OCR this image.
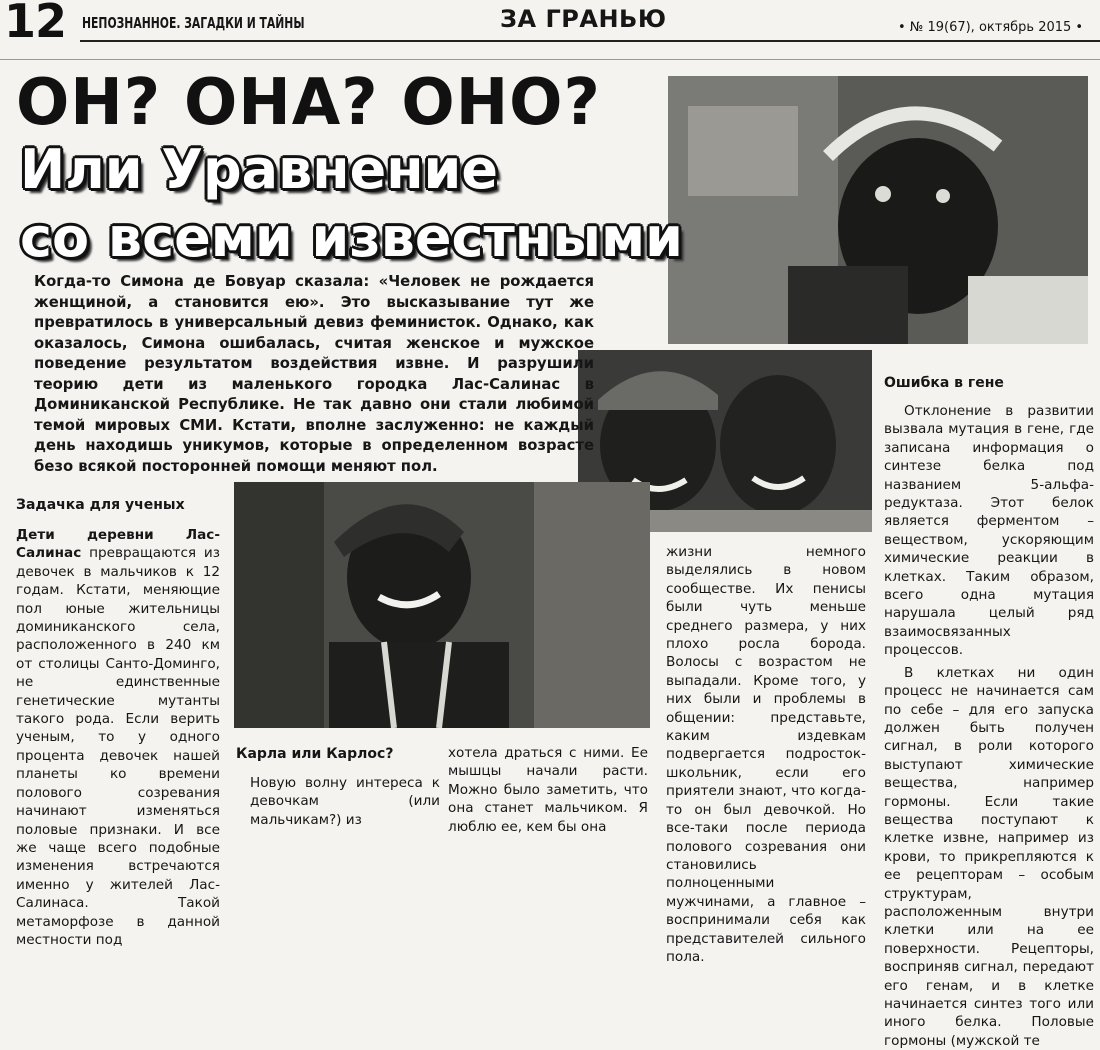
12 НЕПОЗНАННОЕ. ЗАГАДКИ И ТАЙНЫ	ЗА ГРАНЬЮ	• № 19(67), октябрь 2015 •
ОН? ОНА? ОНО?
Или Уравнение
со всеми известными
Когда-то Симона де Бовуар сказала: «Человек не рождается женщиной, а становится ею». Это высказывание тут же превратилось в универсальный девиз феминисток. Однако, как оказалось, Симона ошибалась, считая женское и мужское поведение результатом воздействия извне. И разрушили теорию дети из маленького городка Лас-Салинас в Доминиканской Республике. Не так давно они стали любимой темой мировых СМИ. Кстати, вполне заслуженно: не каждый день находишь уникумов, которые в определенном возрасте безо всякой посторонней помощи меняют пол.
Задачка для ученых
Дети деревни Лас-Салинас превращаются из девочек в мальчиков к 12 годам. Кстати, меняющие пол юные жительницы доминиканского села, расположенного в 240 км от столицы Санто-Доминго, не единственные генетические мутанты такого рода. Если верить ученым, то у одного процента девочек нашей планеты ко времени полового созревания начинают изменяться половые признаки. И все же чаще всего подобные изменения встречаются именно у жителей Лас-Салинаса. Такой метаморфозе в данной местности под
Карла или Карлос?
Новую волну интереса к девочкам (или мальчикам?) из
хотела драться с ними. Ее мышцы начали расти. Можно было заметить, что она станет мальчиком. Я люблю ее, кем бы она
жизни немного выделялись в новом сообществе. Их пенисы были чуть меньше среднего размера, у них плохо росла борода. Волосы с возрастом не выпадали. Кроме того, у них были и проблемы в общении: представьте, каким издевкам подвергается подросток-школьник, если его приятели знают, что когда-то он был девочкой. Но все-таки после периода полового созревания они становились полноценными мужчинами, а главное – воспринимали себя как представителей сильного пола.
Ошибка в гене
Отклонение в развитии вызвала мутация в гене, где записана информация о синтезе белка под названием 5-альфа-редуктаза. Этот белок является ферментом – веществом, ускоряющим химические реакции в клетках. Таким образом, всего одна мутация нарушала целый ряд взаимосвязанных процессов.
В клетках ни один процесс не начинается сам по себе – для его запуска должен быть получен сигнал, в роли которого выступают химические вещества, например гормоны. Если такие вещества поступают к клетке извне, например из крови, то прикрепляются к ее рецепторам – особым структурам, расположенным внутри клетки или на ее поверхности. Рецепторы, восприняв сигнал, передают его генам, и в клетке начинается синтез того или иного белка. Половые гормоны (мужской те
